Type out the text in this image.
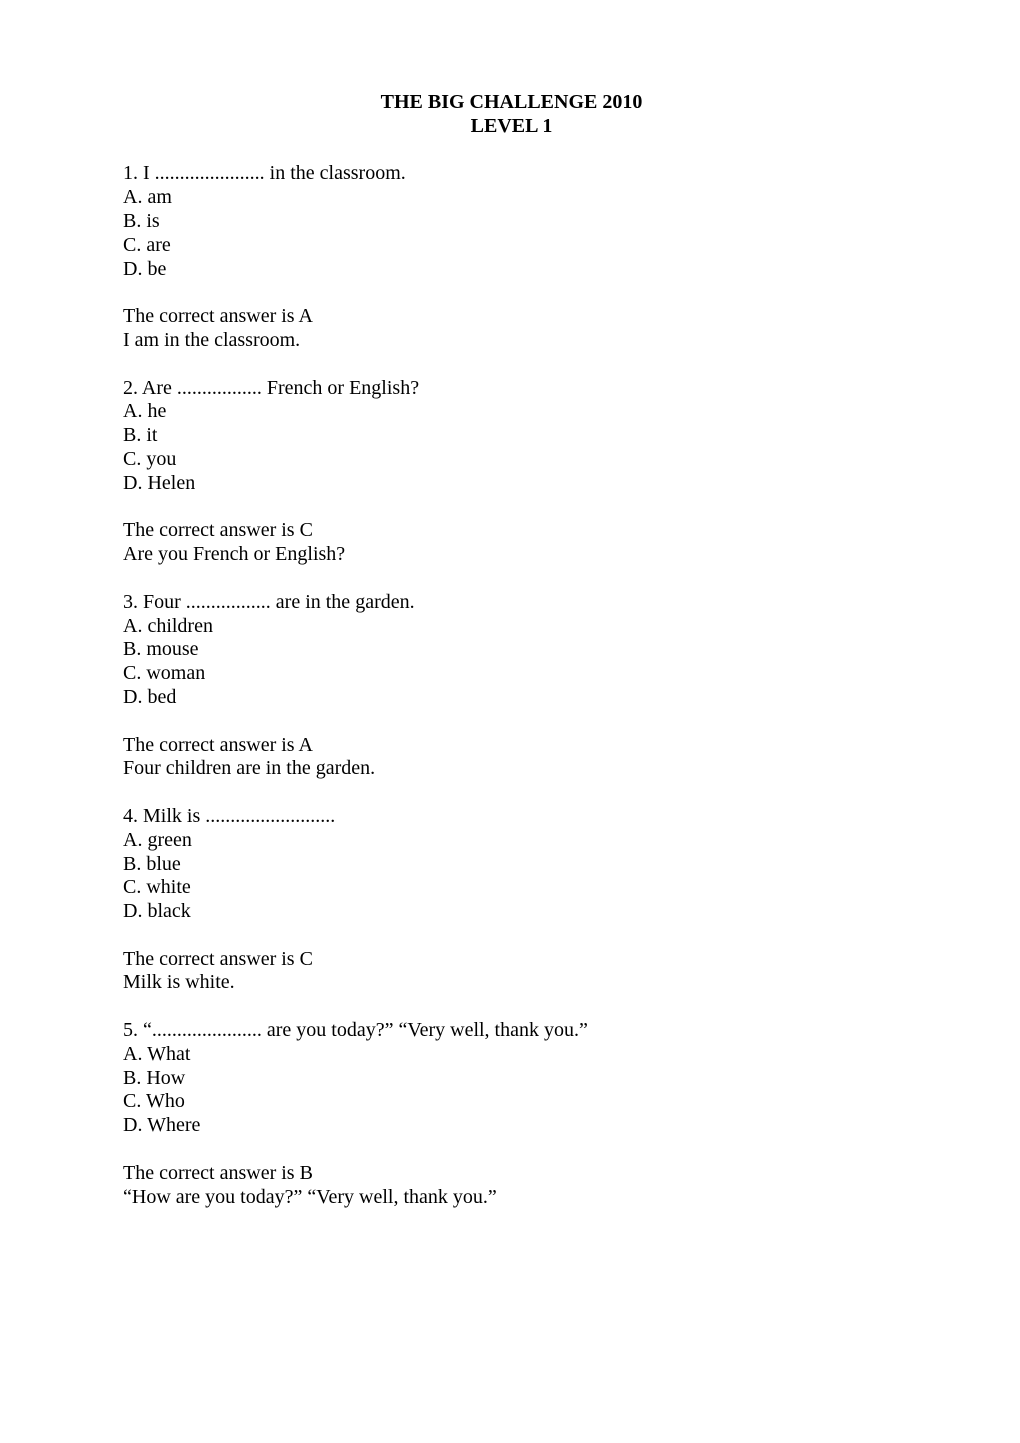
THE BIG CHALLENGE 2010

LEVEL 1

1. I ...................... in the classroom.
A. am
B. is
C. are
D. be
The correct answer is A
I am in the classroom.
2. Are ................. French or English?
A. he
B. it
C. you
D. Helen
The correct answer is C
Are you French or English?
3. Four ................. are in the garden.
A. children
B. mouse
C. woman
D. bed
The correct answer is A
Four children are in the garden.
4. Milk is ..........................
A. green
B. blue
C. white
D. black
The correct answer is C
Milk is white.
5. “...................... are you today?” “Very well, thank you.”
A. What
B. How
C. Who
D. Where
The correct answer is B
“How are you today?” “Very well, thank you.”
